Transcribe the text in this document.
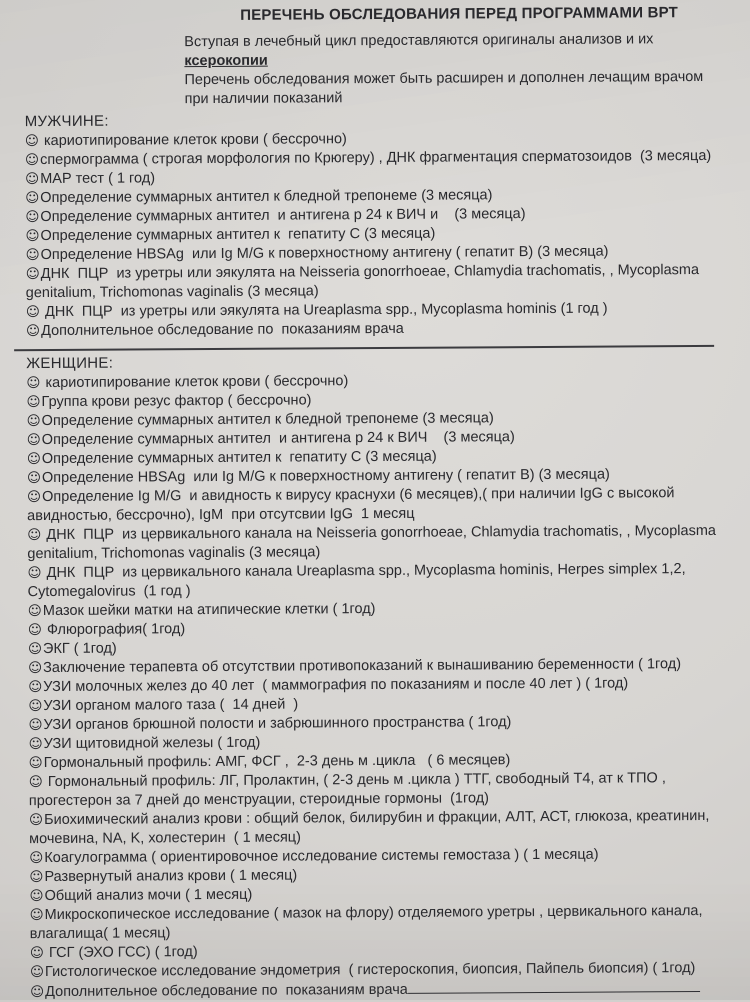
ПЕРЕЧЕНЬ ОБСЛЕДОВАНИЯ ПЕРЕД ПРОГРАММАМИ ВРТ

Вступая в лечебный цикл предоставляются оригиналы анализов и их ксерокопии
Перечень обследования может быть расширен и дополнен лечащим врачом  при наличии показаний

МУЖЧИНЕ:
☺ кариотипирование клеток крови ( бессрочно)
☺спермограмма ( строгая морфология по Крюгеру) , ДНК фрагментация сперматозоидов  (3 месяца)
☺МАР тест ( 1 год)
☺Определение суммарных антител к бледной трепонеме (3 месяца)
☺Определение суммарных антител  и антигена р 24 к ВИЧ и    (3 месяца)
☺Определение суммарных антител к  гепатиту С (3 месяца)
☺Определение HBSAg  или Ig M/G к поверхностному антигену ( гепатит В) (3 месяца)
☺ДНК  ПЦР  из уретры или эякулята на Neisseria gonorrhoeae, Chlamydia trachomatis, , Mycoplasma genitalium, Trichomonas vaginalis (3 месяца)
☺ ДНК  ПЦР  из уретры или эякулята на Ureaplasma spp., Mycoplasma hominis (1 год )
☺Дополнительное обследование по  показаниям врача
ЖЕНЩИНЕ:
☺ кариотипирование клеток крови ( бессрочно)
☺Группа крови резус фактор ( бессрочно)
☺Определение суммарных антител к бледной трепонеме (3 месяца)
☺Определение суммарных антител  и антигена р 24 к ВИЧ    (3 месяца)
☺Определение суммарных антител к  гепатиту С (3 месяца)
☺Определение HBSAg  или Ig M/G к поверхностному антигену ( гепатит В) (3 месяца)
☺Определение Ig M/G  и авидность к вирусу краснухи (6 месяцев),( при наличии IgG с высокой авидностью, бессрочно), IgM  при отсутсвии IgG  1 месяц
☺ ДНК  ПЦР  из цервикального канала на Neisseria gonorrhoeae, Chlamydia trachomatis, , Mycoplasma genitalium, Trichomonas vaginalis (3 месяца)
☺ ДНК  ПЦР  из цервикального канала Ureaplasma spp., Mycoplasma hominis, Herpes simplex 1,2, Cytomegalovirus  (1 год )
☺Мазок шейки матки на атипические клетки ( 1год)
☺ Флюрография( 1год)
☺ЭКГ ( 1год)
☺Заключение терапевта об отсутствии противопоказаний к вынашиванию беременности ( 1год)
☺УЗИ молочных желез до 40 лет  ( маммография по показаниям и после 40 лет ) ( 1год)
☺УЗИ органом малого таза (  14 дней  )
☺УЗИ органов брюшной полости и забрюшинного пространства ( 1год)
☺УЗИ щитовидной железы ( 1год)
☺Гормональный профиль: АМГ, ФСГ ,  2-3 день м .цикла   ( 6 месяцев)
☺ Гормональный профиль: ЛГ, Пролактин, ( 2-3 день м .цикла ) ТТГ, свободный Т4, ат к ТПО , прогестерон за 7 дней до менструации, стероидные гормоны  (1год)
☺Биохимический анализ крови : общий белок, билирубин и фракции, АЛТ, АСТ, глюкоза, креатинин, мочевина, NA, K, холестерин  ( 1 месяц)
☺Коагулограмма ( ориентировочное исследование системы гемостаза ) ( 1 месяца)
☺Развернутый анализ крови ( 1 месяц)
☺Общий анализ мочи ( 1 месяц)
☺Микроскопическое исследование ( мазок на флору) отделяемого уретры , цервикального канала, влагалища( 1 месяц)
☺ ГСГ (ЭХО ГСС) ( 1год)
☺Гистологическое исследование эндометрия  ( гистероскопия, биопсия, Пайпель биопсия) ( 1год)
☺Дополнительное обследование по  показаниям врача
